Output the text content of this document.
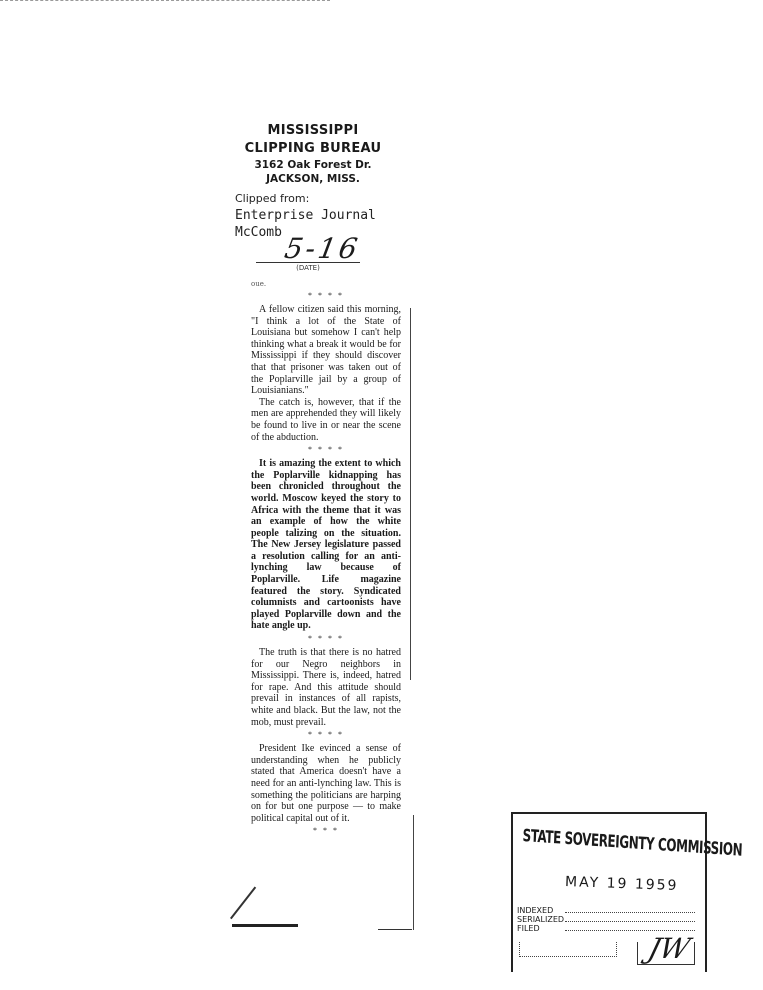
MISSISSIPPI
CLIPPING BUREAU
3162 Oak Forest Dr.
JACKSON, MISS.
Clipped from:
Enterprise Journal
McComb 5-16
(DATE)
oue.
* * * *

A fellow citizen said this morning, "I think a lot of the State of Louisiana but somehow I can't help thinking what a break it would be for Mississippi if they should discover that that prisoner was taken out of the Poplarville jail by a group of Louisianians."

The catch is, however, that if the men are apprehended they will likely be found to live in or near the scene of the abduction.

* * * *

It is amazing the extent to which the Poplarville kidnapping has been chronicled throughout the world. Moscow keyed the story to Africa with the theme that it was an example of how the white people talizing on the situation. The New Jersey legislature passed a resolution calling for an anti-lynching law because of Poplarville. Life magazine featured the story. Syndicated columnists and cartoonists have played Poplarville down and the hate angle up.

* * * *

The truth is that there is no hatred for our Negro neighbors in Mississippi. There is, indeed, hatred for rape. And this attitude should prevail in instances of all rapists, white and black. But the law, not the mob, must prevail.

* * * *

President Ike evinced a sense of understanding when he publicly stated that America doesn't have a need for an anti-lynching law. This is something the politicians are harping on for but one purpose — to make political capital out of it.

* * *	STATE SOVEREIGNTY COMMISSION
MAY 19 1959
INDEXED
SERIALIZED
FILED
JW
